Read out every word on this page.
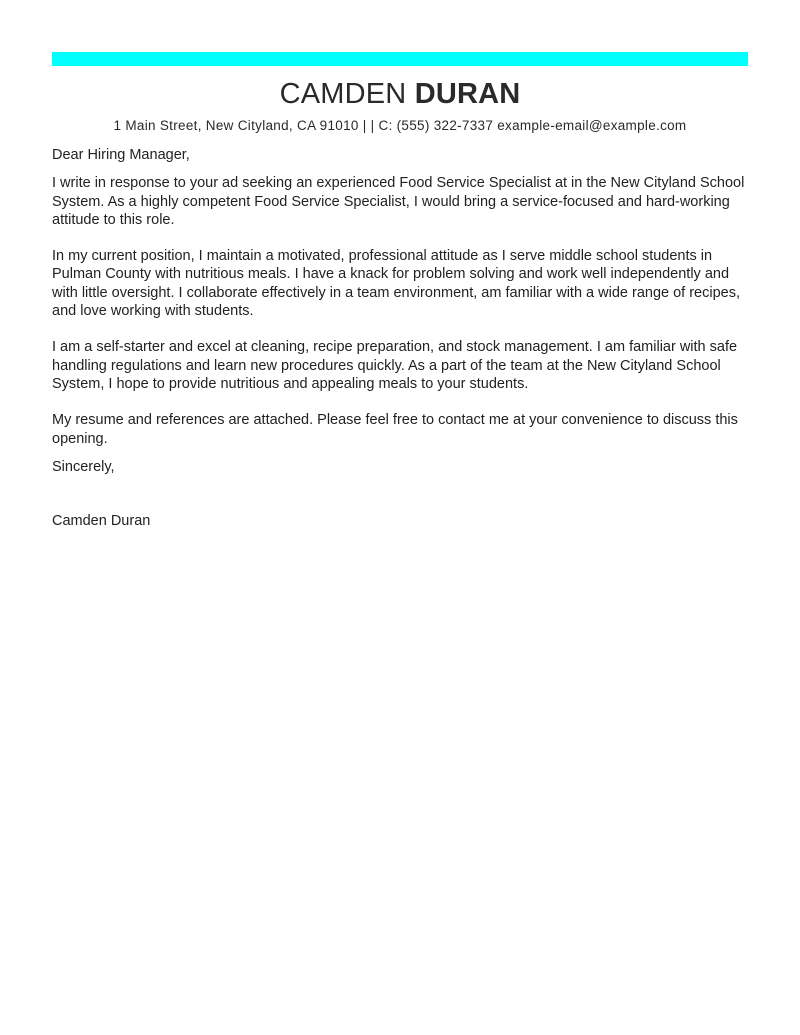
CAMDEN DURAN
1 Main Street, New Cityland, CA 91010 | | C: (555) 322-7337 example-email@example.com

Dear Hiring Manager,

I write in response to your ad seeking an experienced Food Service Specialist at in the New Cityland School System. As a highly competent Food Service Specialist, I would bring a service-focused and hard-working attitude to this role.

In my current position, I maintain a motivated, professional attitude as I serve middle school students in Pulman County with nutritious meals. I have a knack for problem solving and work well independently and with little oversight. I collaborate effectively in a team environment, am familiar with a wide range of recipes, and love working with students.

I am a self-starter and excel at cleaning, recipe preparation, and stock management. I am familiar with safe handling regulations and learn new procedures quickly. As a part of the team at the New Cityland School System, I hope to provide nutritious and appealing meals to your students.

My resume and references are attached. Please feel free to contact me at your convenience to discuss this opening.

Sincerely,

Camden Duran
